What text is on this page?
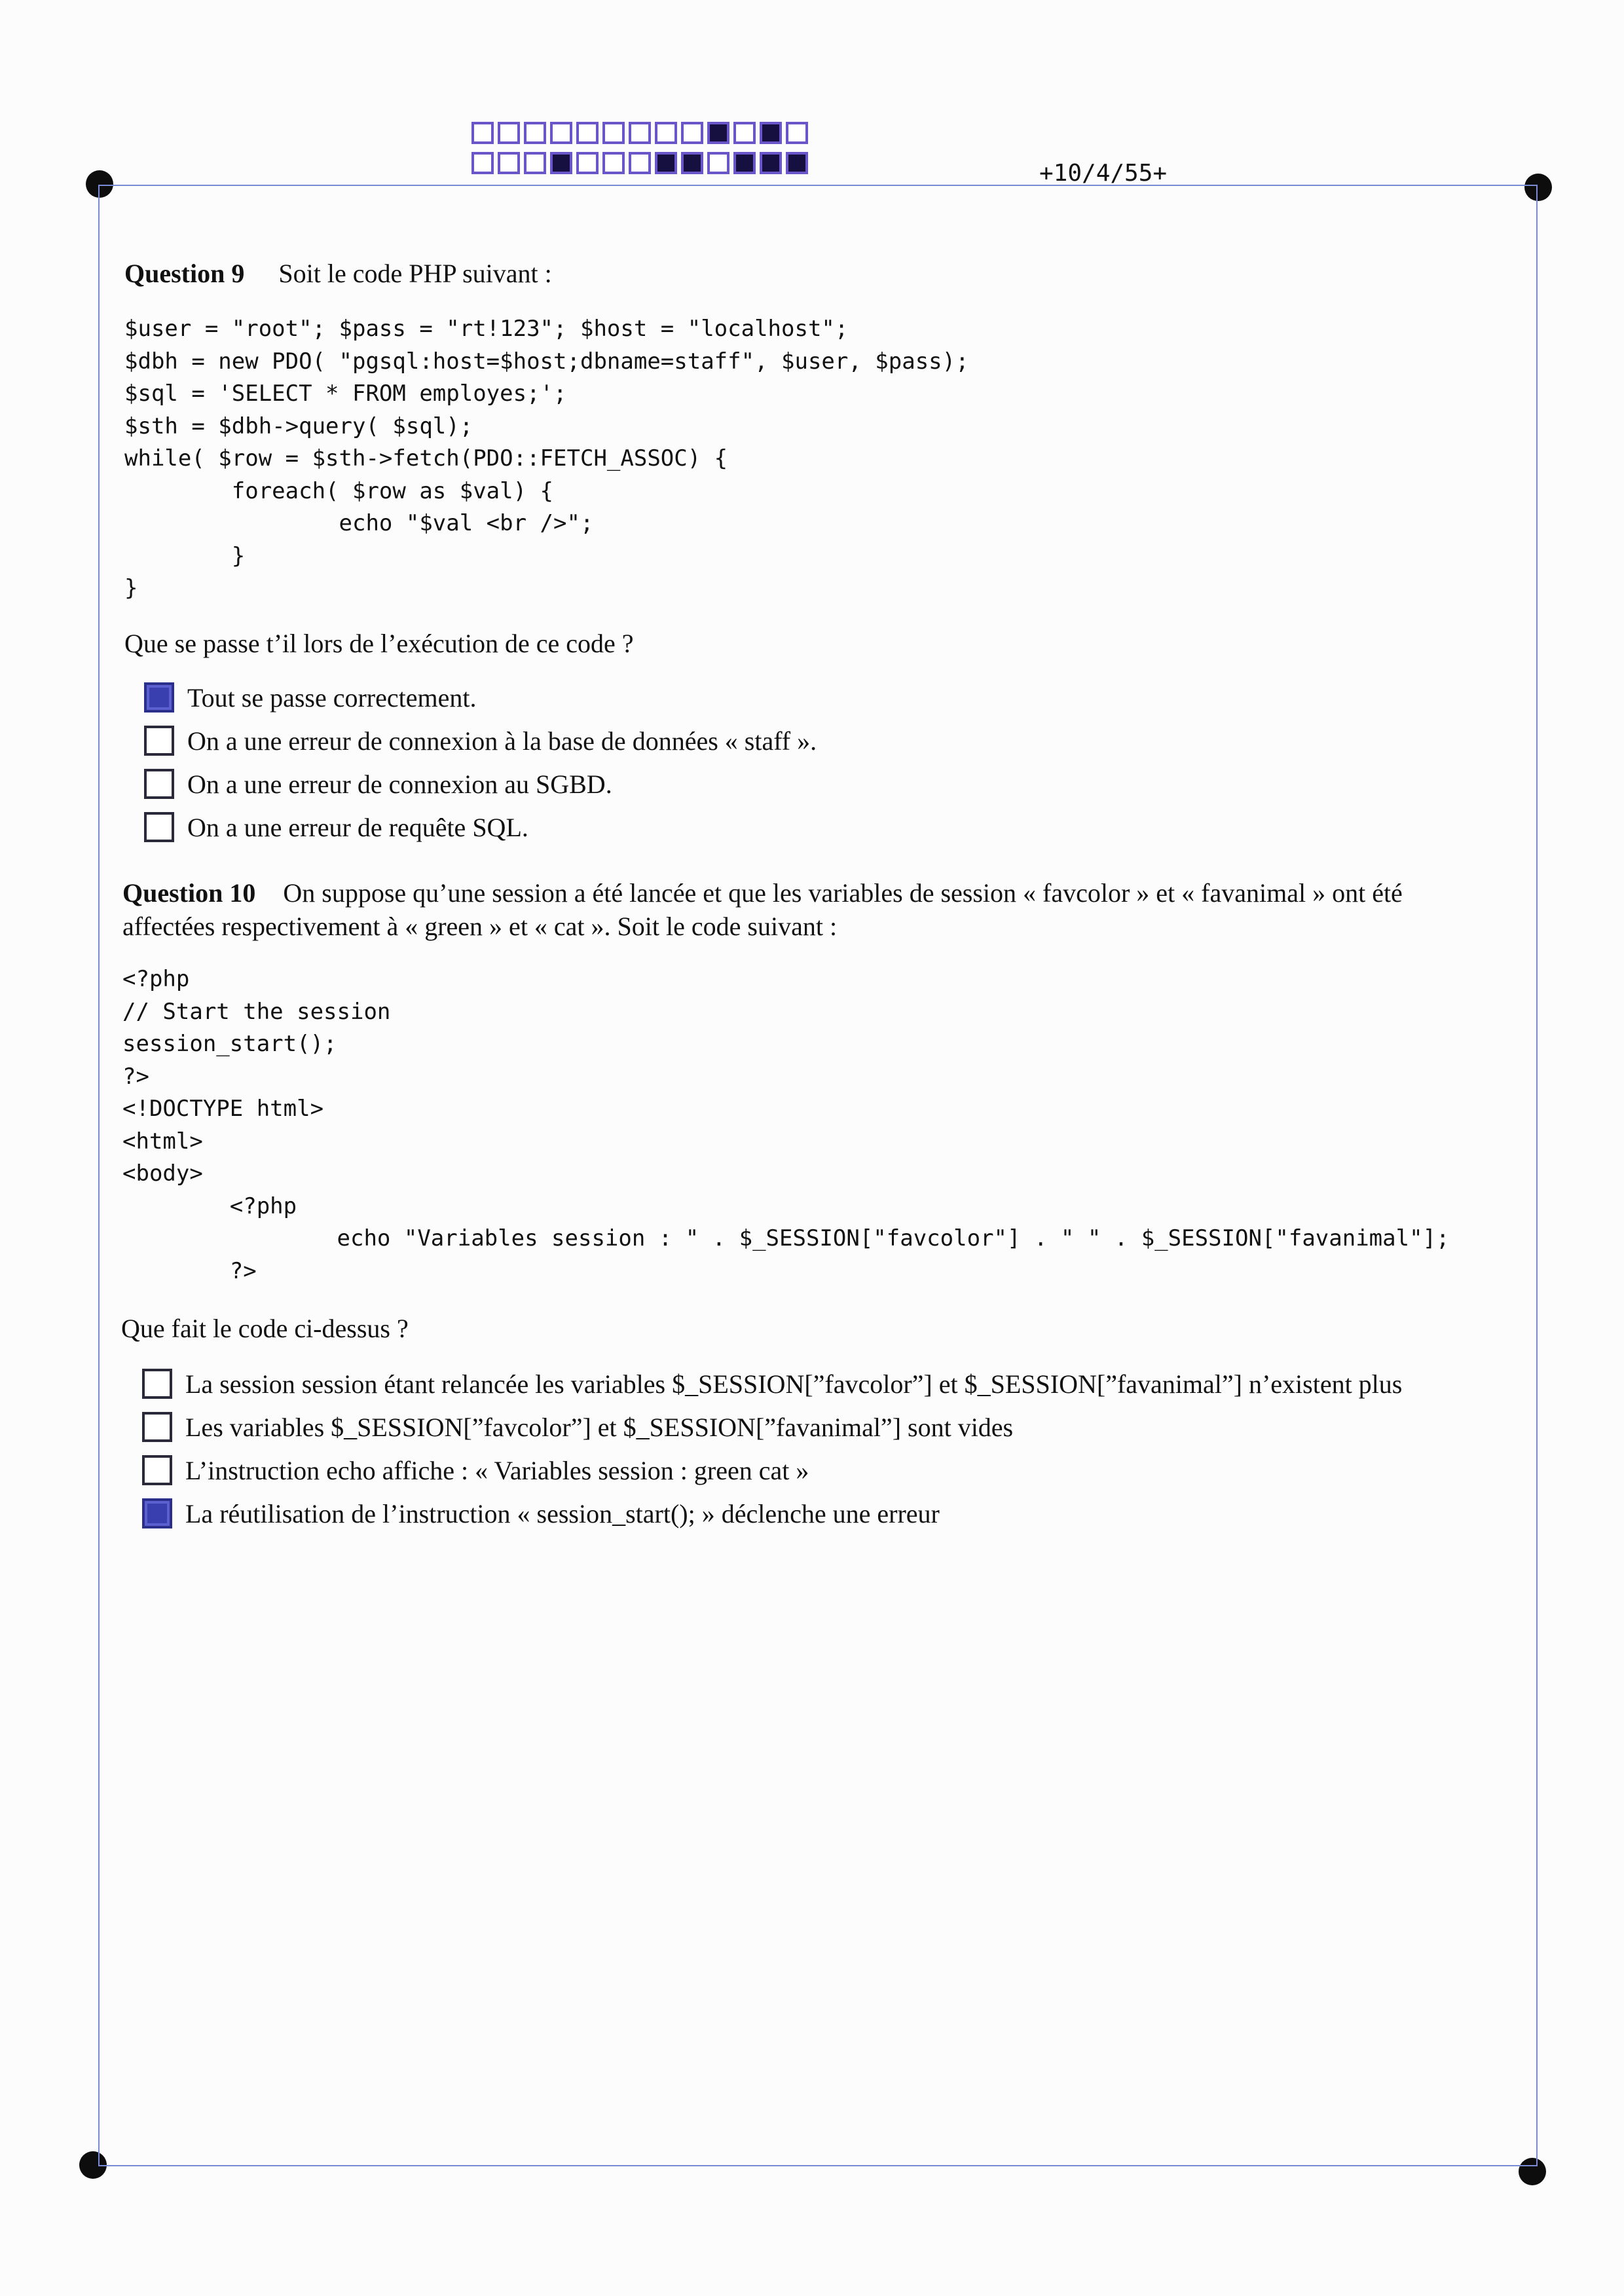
+10/4/55+
Question 9 Soit le code PHP suivant :
$user = "root"; $pass = "rt!123"; $host = "localhost";
$dbh = new PDO( "pgsql:host=$host;dbname=staff", $user, $pass);
$sql = 'SELECT * FROM employes;';
$sth = $dbh->query( $sql);
while( $row = $sth->fetch(PDO::FETCH_ASSOC) {
foreach( $row as $val) {
echo "$val <br />";
}
}
Que se passe t’il lors de l’exécution de ce code ?
Tout se passe correctement.
On a une erreur de connexion à la base de données « staff ».
On a une erreur de connexion au SGBD.
On a une erreur de requête SQL.
Question 10 On suppose qu’une session a été lancée et que les variables de session « favcolor » et « favanimal » ont été
affectées respectivement à « green » et « cat ». Soit le code suivant :
<?php
// Start the session
session_start();
?>
<!DOCTYPE html>
<html>
<body>
<?php
echo "Variables session : " . $_SESSION["favcolor"] . " " . $_SESSION["favanimal"];
?>
Que fait le code ci-dessus ?
La session session étant relancée les variables $_SESSION[”favcolor”] et $_SESSION[”favanimal”] n’existent plus
Les variables $_SESSION[”favcolor”] et $_SESSION[”favanimal”] sont vides
L’instruction echo affiche : « Variables session : green cat »
La réutilisation de l’instruction « session_start(); » déclenche une erreur
